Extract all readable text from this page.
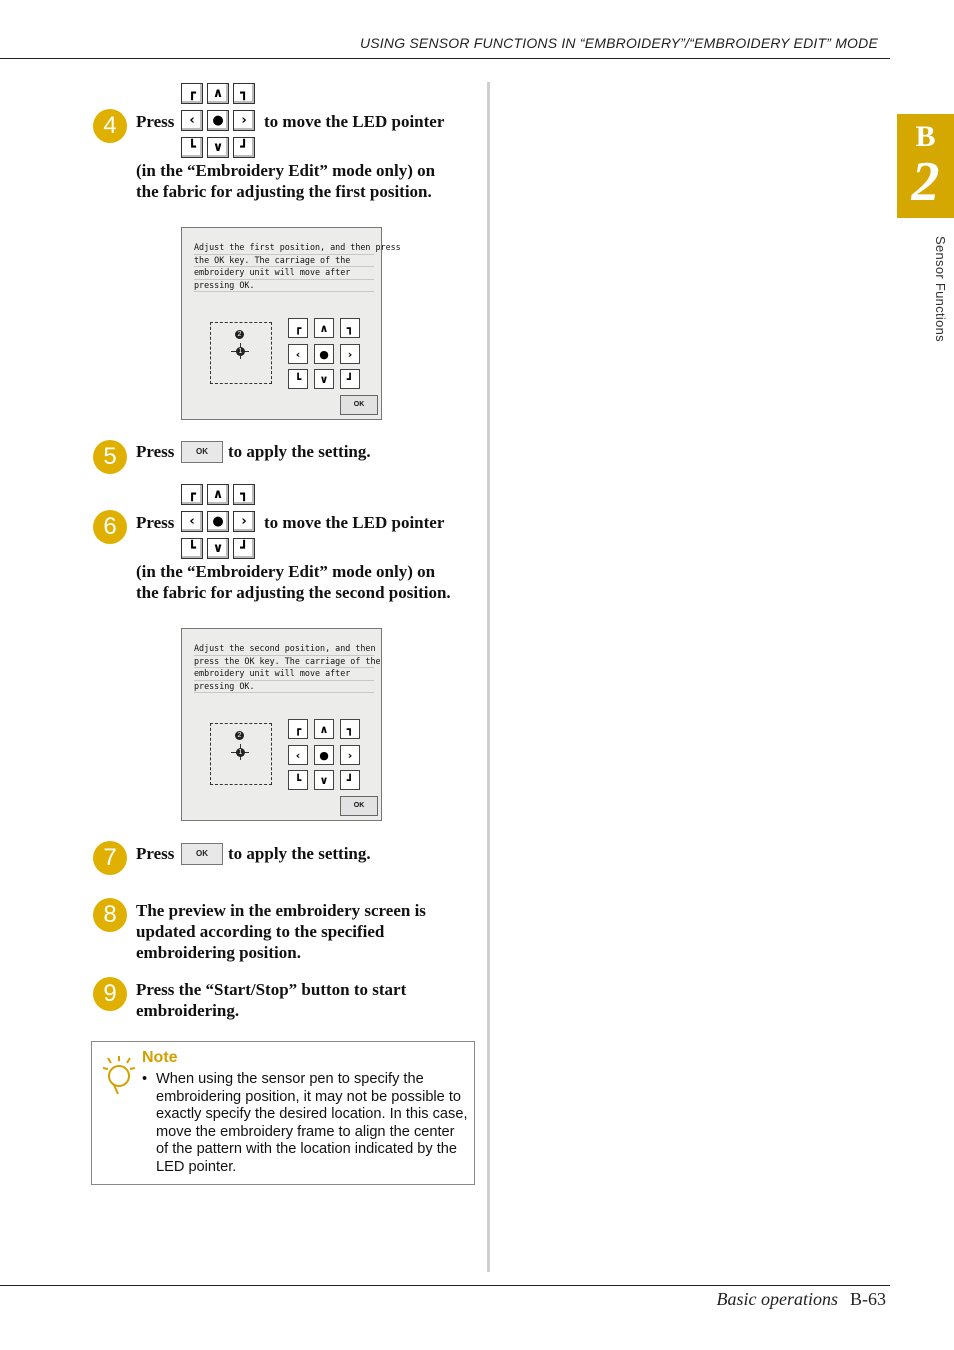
USING SENSOR FUNCTIONS IN “EMBROIDERY”/“EMBROIDERY EDIT” MODE
B
2
Sensor Functions
4
┏	∧	┓
‹	●	›
┗	∨	┛
Press	to move the LED pointer
(in the “Embroidery Edit” mode only) on
the fabric for adjusting the first position.
Adjust the first position, and then press
the OK key. The carriage of the
embroidery unit will move after
pressing OK.
2
1
┏	∧	┓
‹	●	›
┗	∨	┛
OK
5	Press	OK	to apply the setting.
6
┏	∧	┓
‹	●	›
┗	∨	┛
Press	to move the LED pointer
(in the “Embroidery Edit” mode only) on
the fabric for adjusting the second position.
Adjust the second position, and then
press the OK key. The carriage of the
embroidery unit will move after
pressing OK.
2
1
┏	∧	┓
‹	●	›
┗	∨	┛
OK
7	Press	OK	to apply the setting.
8	The preview in the embroidery screen is
updated according to the specified
embroidering position.
9	Press the “Start/Stop” button to start
embroidering.
Note
• When using the sensor pen to specify the embroidering position, it may not be possible to exactly specify the desired location. In this case, move the embroidery frame to align the center of the pattern with the location indicated by the LED pointer.
Basic operations B-63
